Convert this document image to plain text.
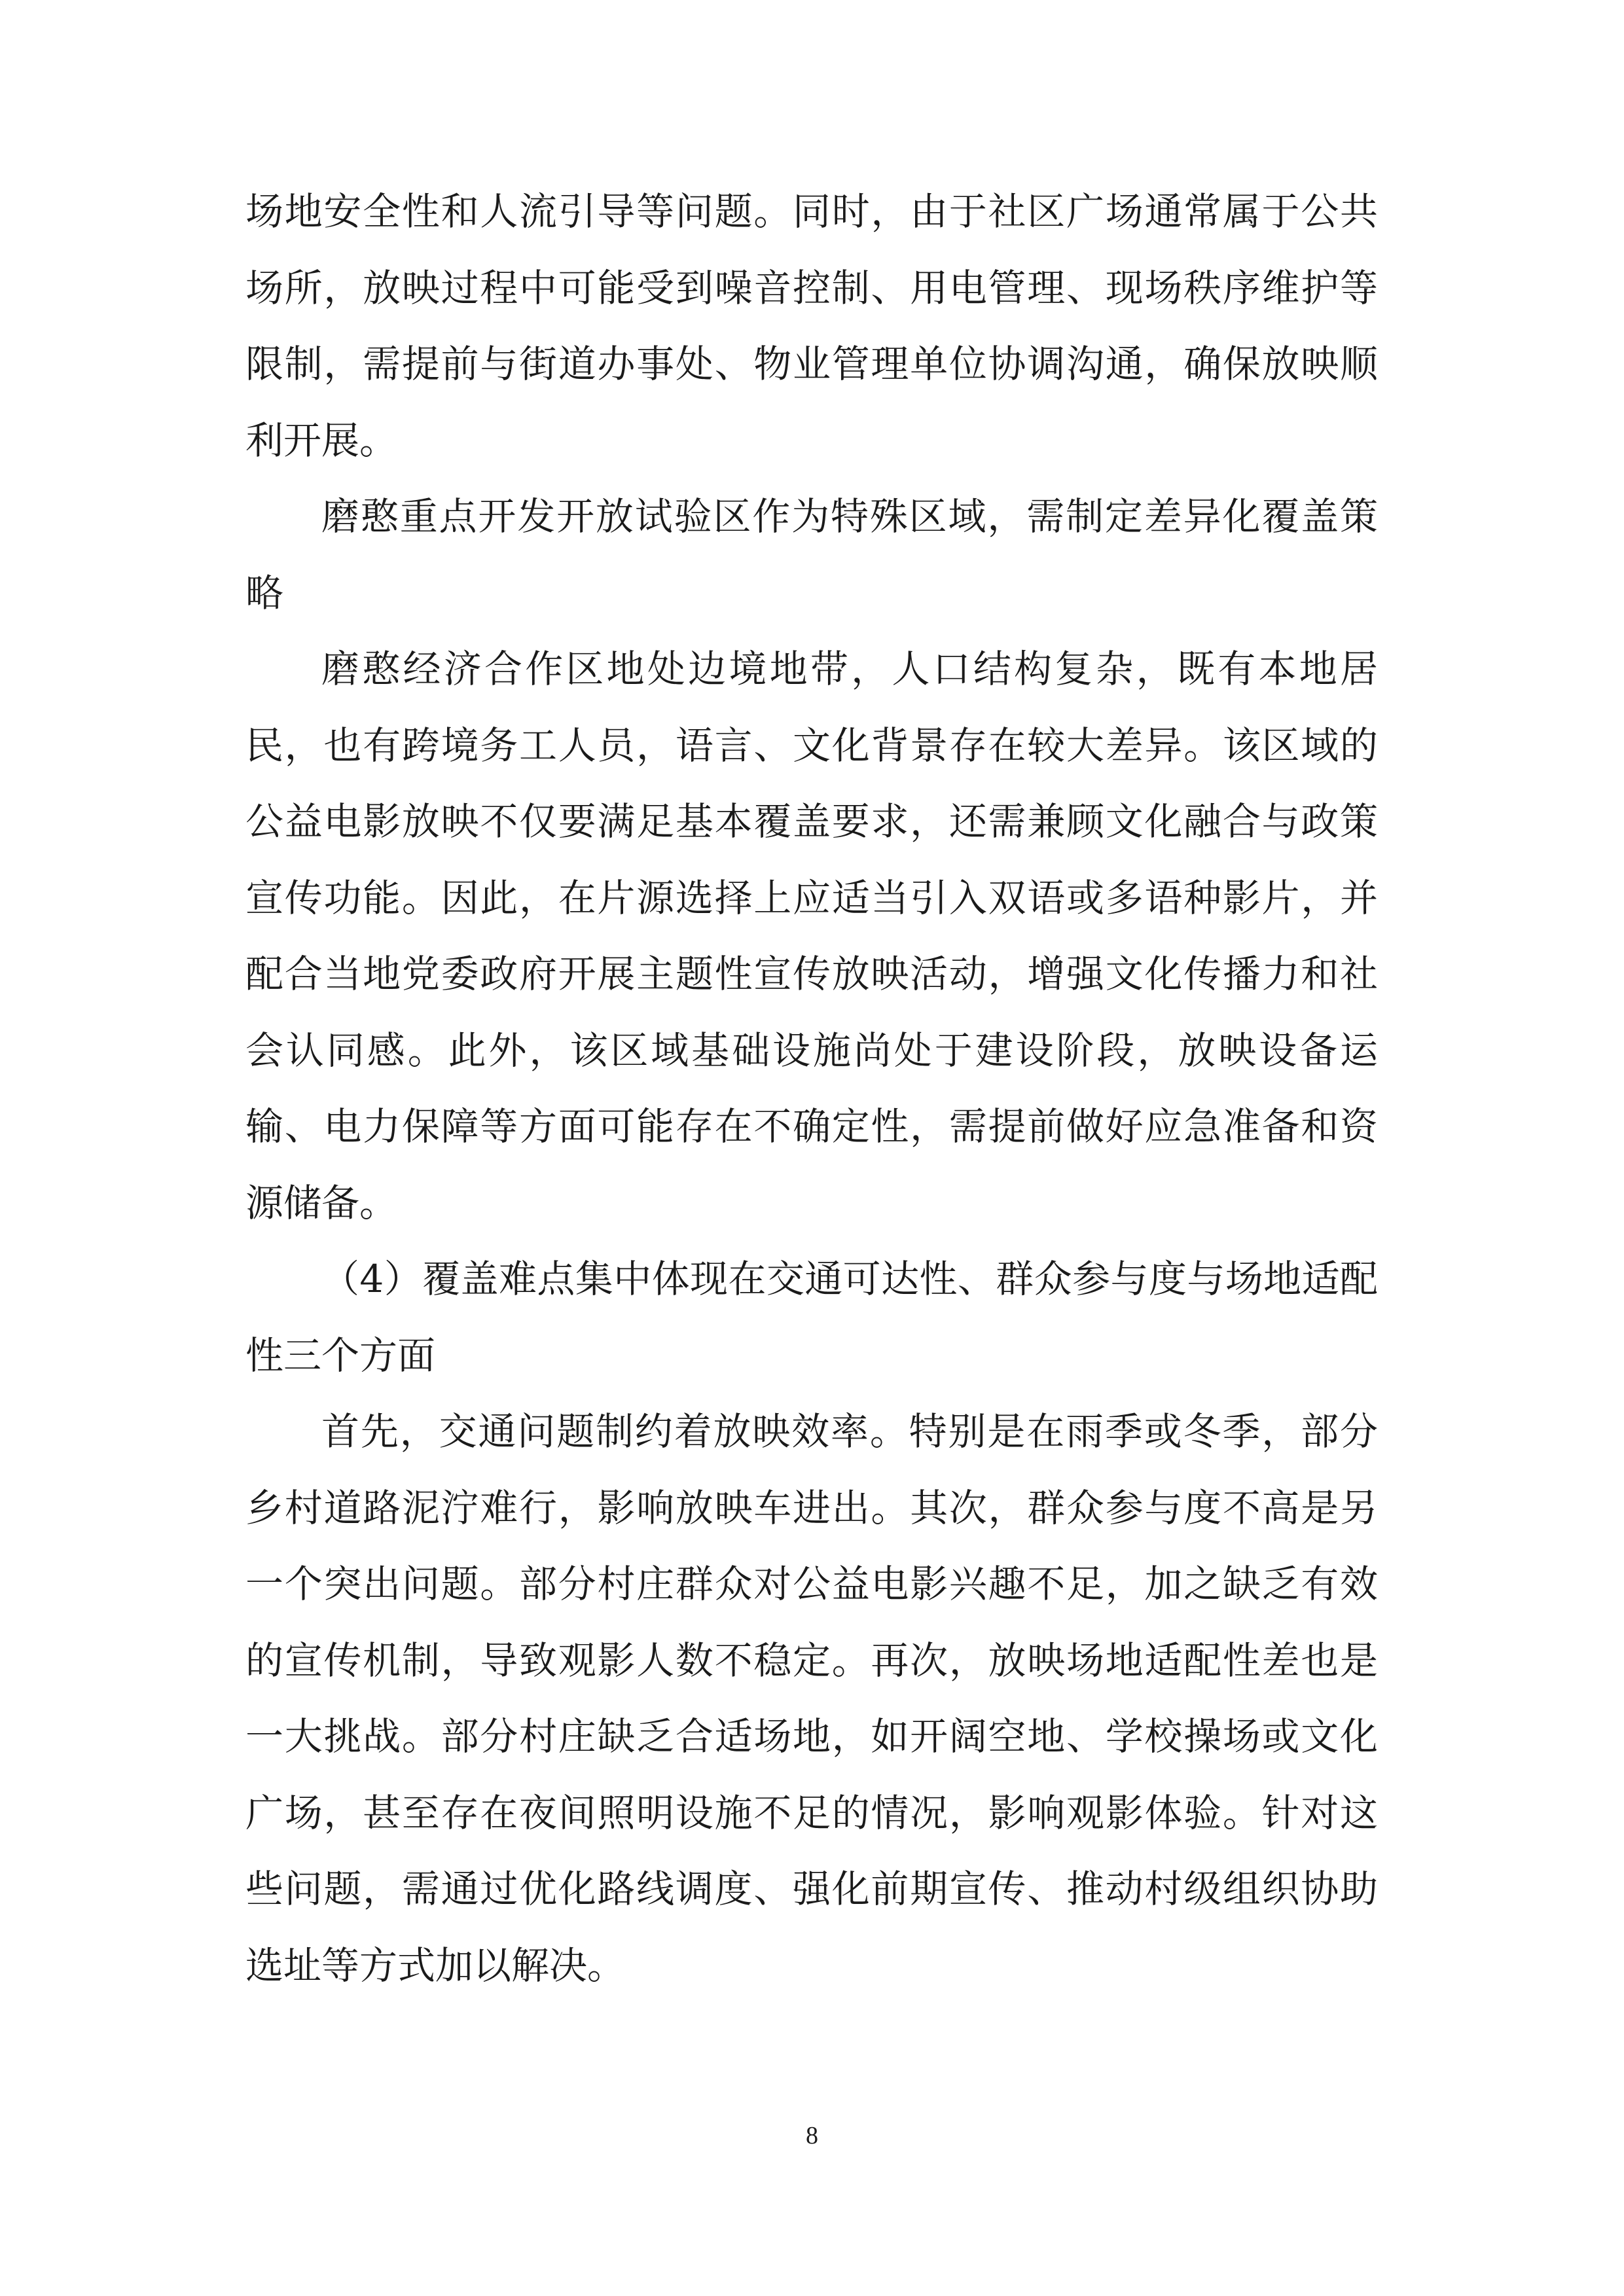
场地安全性和人流引导等问题。同时，由于社区广场通常属于公共场所，放映过程中可能受到噪音控制、用电管理、现场秩序维护等限制，需提前与街道办事处、物业管理单位协调沟通，确保放映顺利开展。

磨憨重点开发开放试验区作为特殊区域，需制定差异化覆盖策略

磨憨经济合作区地处边境地带，人口结构复杂，既有本地居民，也有跨境务工人员，语言、文化背景存在较大差异。该区域的公益电影放映不仅要满足基本覆盖要求，还需兼顾文化融合与政策宣传功能。因此，在片源选择上应适当引入双语或多语种影片，并配合当地党委政府开展主题性宣传放映活动，增强文化传播力和社会认同感。此外，该区域基础设施尚处于建设阶段，放映设备运输、电力保障等方面可能存在不确定性，需提前做好应急准备和资源储备。

（4）覆盖难点集中体现在交通可达性、群众参与度与场地适配性三个方面

首先，交通问题制约着放映效率。特别是在雨季或冬季，部分乡村道路泥泞难行，影响放映车进出。其次，群众参与度不高是另一个突出问题。部分村庄群众对公益电影兴趣不足，加之缺乏有效的宣传机制，导致观影人数不稳定。再次，放映场地适配性差也是一大挑战。部分村庄缺乏合适场地，如开阔空地、学校操场或文化广场，甚至存在夜间照明设施不足的情况，影响观影体验。针对这些问题，需通过优化路线调度、强化前期宣传、推动村级组织协助选址等方式加以解决。

8
